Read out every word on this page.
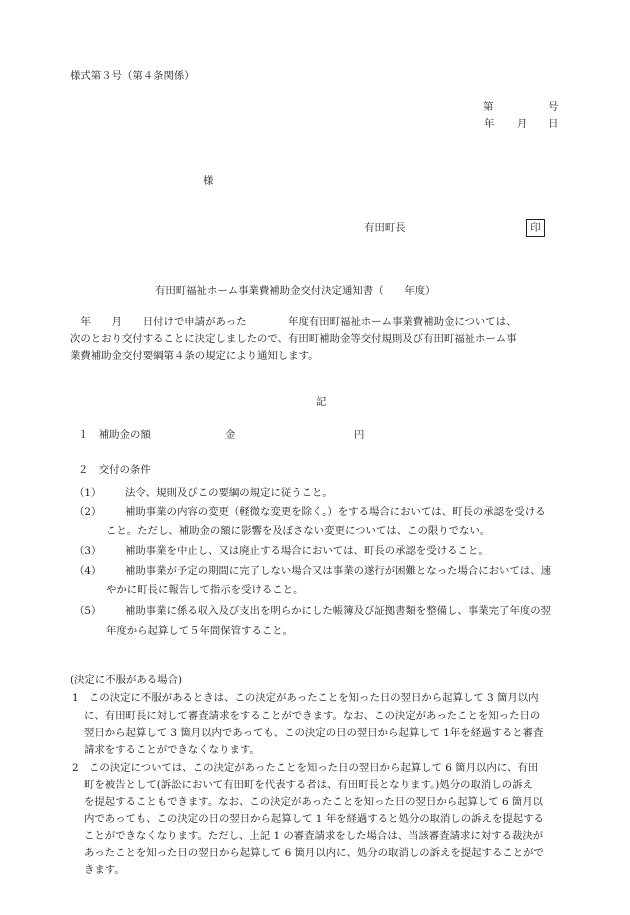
様式第３号（第４条関係）
第	号
年 月 日
様
有田町長	印
有田町福祉ホーム事業費補助金交付決定通知書（　　年度）
　年　　月　　日付けで申請があった　　　　年度有田町福祉ホーム事業費補助金については、
次のとおり交付することに決定しましたので、有田町補助金等交付規則及び有田町福祉ホーム事
業費補助金交付要綱第４条の規定により通知します。
記
１　補助金の額	金	円
２　交付の条件
（1） 法令、規則及びこの要綱の規定に従うこと。
（2） 補助事業の内容の変更（軽微な変更を除く。）をする場合においては、町長の承認を受ける
こと。ただし、補助金の額に影響を及ぼさない変更については、この限りでない。
（3） 補助事業を中止し、又は廃止する場合においては、町長の承認を受けること。
（4） 補助事業が予定の期間に完了しない場合又は事業の遂行が困難となった場合においては、速
やかに町長に報告して指示を受けること。
（5） 補助事業に係る収入及び支出を明らかにした帳簿及び証拠書類を整備し、事業完了年度の翌
年度から起算して５年間保管すること。
(決定に不服がある場合)
1 この決定に不服があるときは、この決定があったことを知った日の翌日から起算して 3 箇月以内
に、有田町長に対して審査請求をすることができます。なお、この決定があったことを知った日の
翌日から起算して 3 箇月以内であっても、この決定の日の翌日から起算して 1年を経過すると審査
請求をすることができなくなります。
2 この決定については、この決定があったことを知った日の翌日から起算して 6 箇月以内に、有田
町を被告として(訴訟において有田町を代表する者は、有田町長となります。)処分の取消しの訴え
を提起することもできます。なお、この決定があったことを知った日の翌日から起算して 6 箇月以
内であっても、この決定の日の翌日から起算して 1 年を経過すると処分の取消しの訴えを提起する
ことができなくなります。ただし、上記 1 の審査請求をした場合は、当該審査請求に対する裁決が
あったことを知った日の翌日から起算して 6 箇月以内に、処分の取消しの訴えを提起することがで
きます。
